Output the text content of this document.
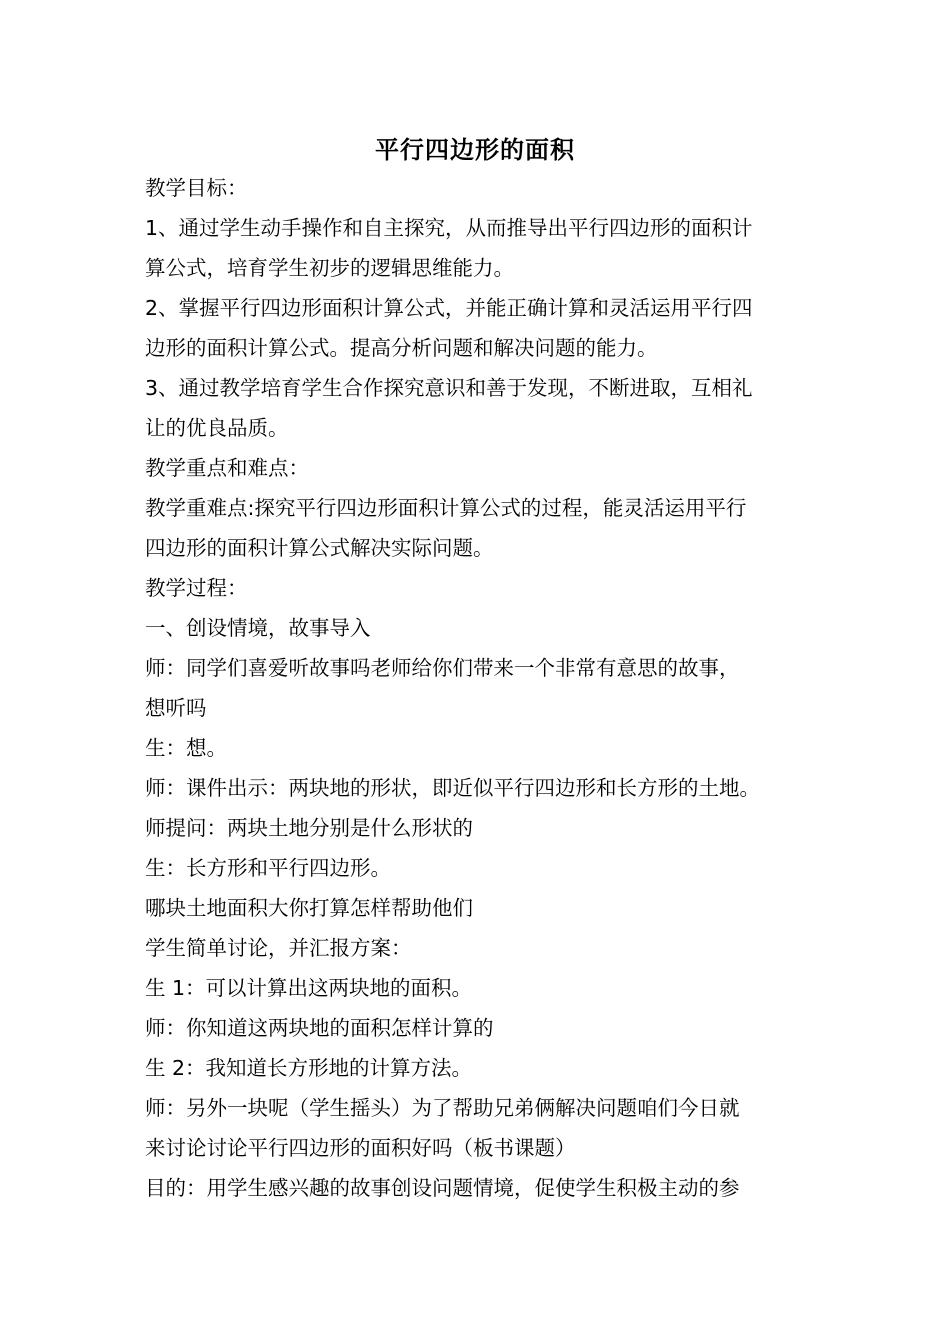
平行四边形的面积
教学目标：
1、通过学生动手操作和自主探究，从而推导出平行四边形的面积计
算公式，培育学生初步的逻辑思维能力。
2、掌握平行四边形面积计算公式，并能正确计算和灵活运用平行四
边形的面积计算公式。提高分析问题和解决问题的能力。
3、通过教学培育学生合作探究意识和善于发现，不断进取，互相礼
让的优良品质。
教学重点和难点：
教学重难点:探究平行四边形面积计算公式的过程，能灵活运用平行
四边形的面积计算公式解决实际问题。
教学过程：
一、创设情境，故事导入
师：同学们喜爱听故事吗老师给你们带来一个非常有意思的故事，
想听吗
生：想。
师：课件出示：两块地的形状，即近似平行四边形和长方形的土地。
师提问：两块土地分别是什么形状的
生：长方形和平行四边形。
哪块土地面积大你打算怎样帮助他们
学生简单讨论，并汇报方案：
生 1：可以计算出这两块地的面积。
师：你知道这两块地的面积怎样计算的
生 2：我知道长方形地的计算方法。
师：另外一块呢（学生摇头）为了帮助兄弟俩解决问题咱们今日就
来讨论讨论平行四边形的面积好吗（板书课题）
目的：用学生感兴趣的故事创设问题情境，促使学生积极主动的参
